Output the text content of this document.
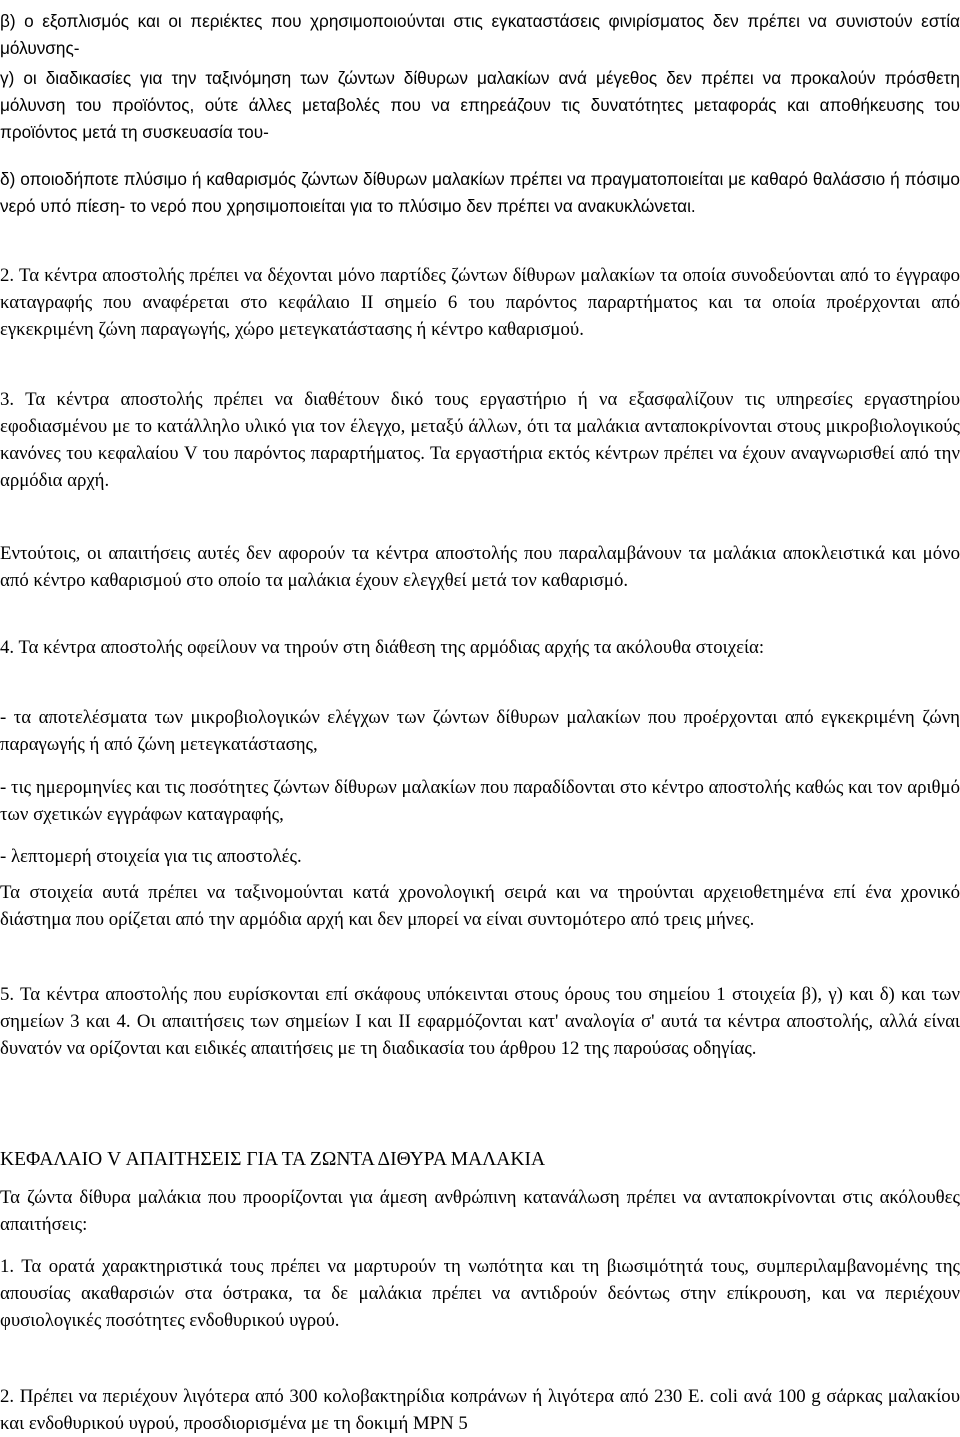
β) ο εξοπλισμός και οι περιέκτες που χρησιμοποιούνται στις εγκαταστάσεις φινιρίσματος δεν πρέπει να συνιστούν εστία μόλυνσης-

γ) οι διαδικασίες για την ταξινόμηση των ζώντων δίθυρων μαλακίων ανά μέγεθος δεν πρέπει να προκαλούν πρόσθετη μόλυνση του προϊόντος, ούτε άλλες μεταβολές που να επηρεάζουν τις δυνατότητες μεταφοράς και αποθήκευσης του προϊόντος μετά τη συσκευασία του-

δ) οποιοδήποτε πλύσιμο ή καθαρισμός ζώντων δίθυρων μαλακίων πρέπει να πραγματοποιείται με καθαρό θαλάσσιο ή πόσιμο νερό υπό πίεση- το νερό που χρησιμοποιείται για το πλύσιμο δεν πρέπει να ανακυκλώνεται.

2. Τα κέντρα αποστολής πρέπει να δέχονται μόνο παρτίδες ζώντων δίθυρων μαλακίων τα οποία συνοδεύονται από το έγγραφο καταγραφής που αναφέρεται στο κεφάλαιο ΙΙ σημείο 6 του παρόντος παραρτήματος και τα οποία προέρχονται από εγκεκριμένη ζώνη παραγωγής, χώρο μετεγκατάστασης ή κέντρο καθαρισμού.

3. Τα κέντρα αποστολής πρέπει να διαθέτουν δικό τους εργαστήριο ή να εξασφαλίζουν τις υπηρεσίες εργαστηρίου εφοδιασμένου με το κατάλληλο υλικό για τον έλεγχο, μεταξύ άλλων, ότι τα μαλάκια ανταποκρίνονται στους μικροβιολογικούς κανόνες του κεφαλαίου V του παρόντος παραρτήματος. Τα εργαστήρια εκτός κέντρων πρέπει να έχουν αναγνωρισθεί από την αρμόδια αρχή.

Εντούτοις, οι απαιτήσεις αυτές δεν αφορούν τα κέντρα αποστολής που παραλαμβάνουν τα μαλάκια αποκλειστικά και μόνο από κέντρο καθαρισμού στο οποίο τα μαλάκια έχουν ελεγχθεί μετά τον καθαρισμό.

4. Τα κέντρα αποστολής οφείλουν να τηρούν στη διάθεση της αρμόδιας αρχής τα ακόλουθα στοιχεία:

- τα αποτελέσματα των μικροβιολογικών ελέγχων των ζώντων δίθυρων μαλακίων που προέρχονται από εγκεκριμένη ζώνη παραγωγής ή από ζώνη μετεγκατάστασης,

- τις ημερομηνίες και τις ποσότητες ζώντων δίθυρων μαλακίων που παραδίδονται στο κέντρο αποστολής καθώς και τον αριθμό των σχετικών εγγράφων καταγραφής,

- λεπτομερή στοιχεία για τις αποστολές.

Τα στοιχεία αυτά πρέπει να ταξινομούνται κατά χρονολογική σειρά και να τηρούνται αρχειοθετημένα επί ένα χρονικό διάστημα που ορίζεται από την αρμόδια αρχή και δεν μπορεί να είναι συντομότερο από τρεις μήνες.

5. Τα κέντρα αποστολής που ευρίσκονται επί σκάφους υπόκεινται στους όρους του σημείου 1 στοιχεία β), γ) και δ) και των σημείων 3 και 4. Οι απαιτήσεις των σημείων Ι και ΙΙ εφαρμόζονται κατ' αναλογία σ' αυτά τα κέντρα αποστολής, αλλά είναι δυνατόν να ορίζονται και ειδικές απαιτήσεις με τη διαδικασία του άρθρου 12 της παρούσας οδηγίας.

ΚΕΦΑΛΑΙΟ V ΑΠΑΙΤΗΣΕΙΣ ΓΙΑ ΤΑ ΖΩΝΤΑ ΔΙΘΥΡΑ ΜΑΛΑΚΙΑ

Τα ζώντα δίθυρα μαλάκια που προορίζονται για άμεση ανθρώπινη κατανάλωση πρέπει να ανταποκρίνονται στις ακόλουθες απαιτήσεις:

1. Τα ορατά χαρακτηριστικά τους πρέπει να μαρτυρούν τη νωπότητα και τη βιωσιμότητά τους, συμπεριλαμβανομένης της απουσίας ακαθαρσιών στα όστρακα, τα δε μαλάκια πρέπει να αντιδρούν δεόντως στην επίκρουση, και να περιέχουν φυσιολογικές ποσότητες ενδοθυρικού υγρού.

2. Πρέπει να περιέχουν λιγότερα από 300 κολοβακτηρίδια κοπράνων ή λιγότερα από 230 E. coli ανά 100 g σάρκας μαλακίου και ενδοθυρικού υγρού, προσδιορισμένα με τη δοκιμή MPN 5
